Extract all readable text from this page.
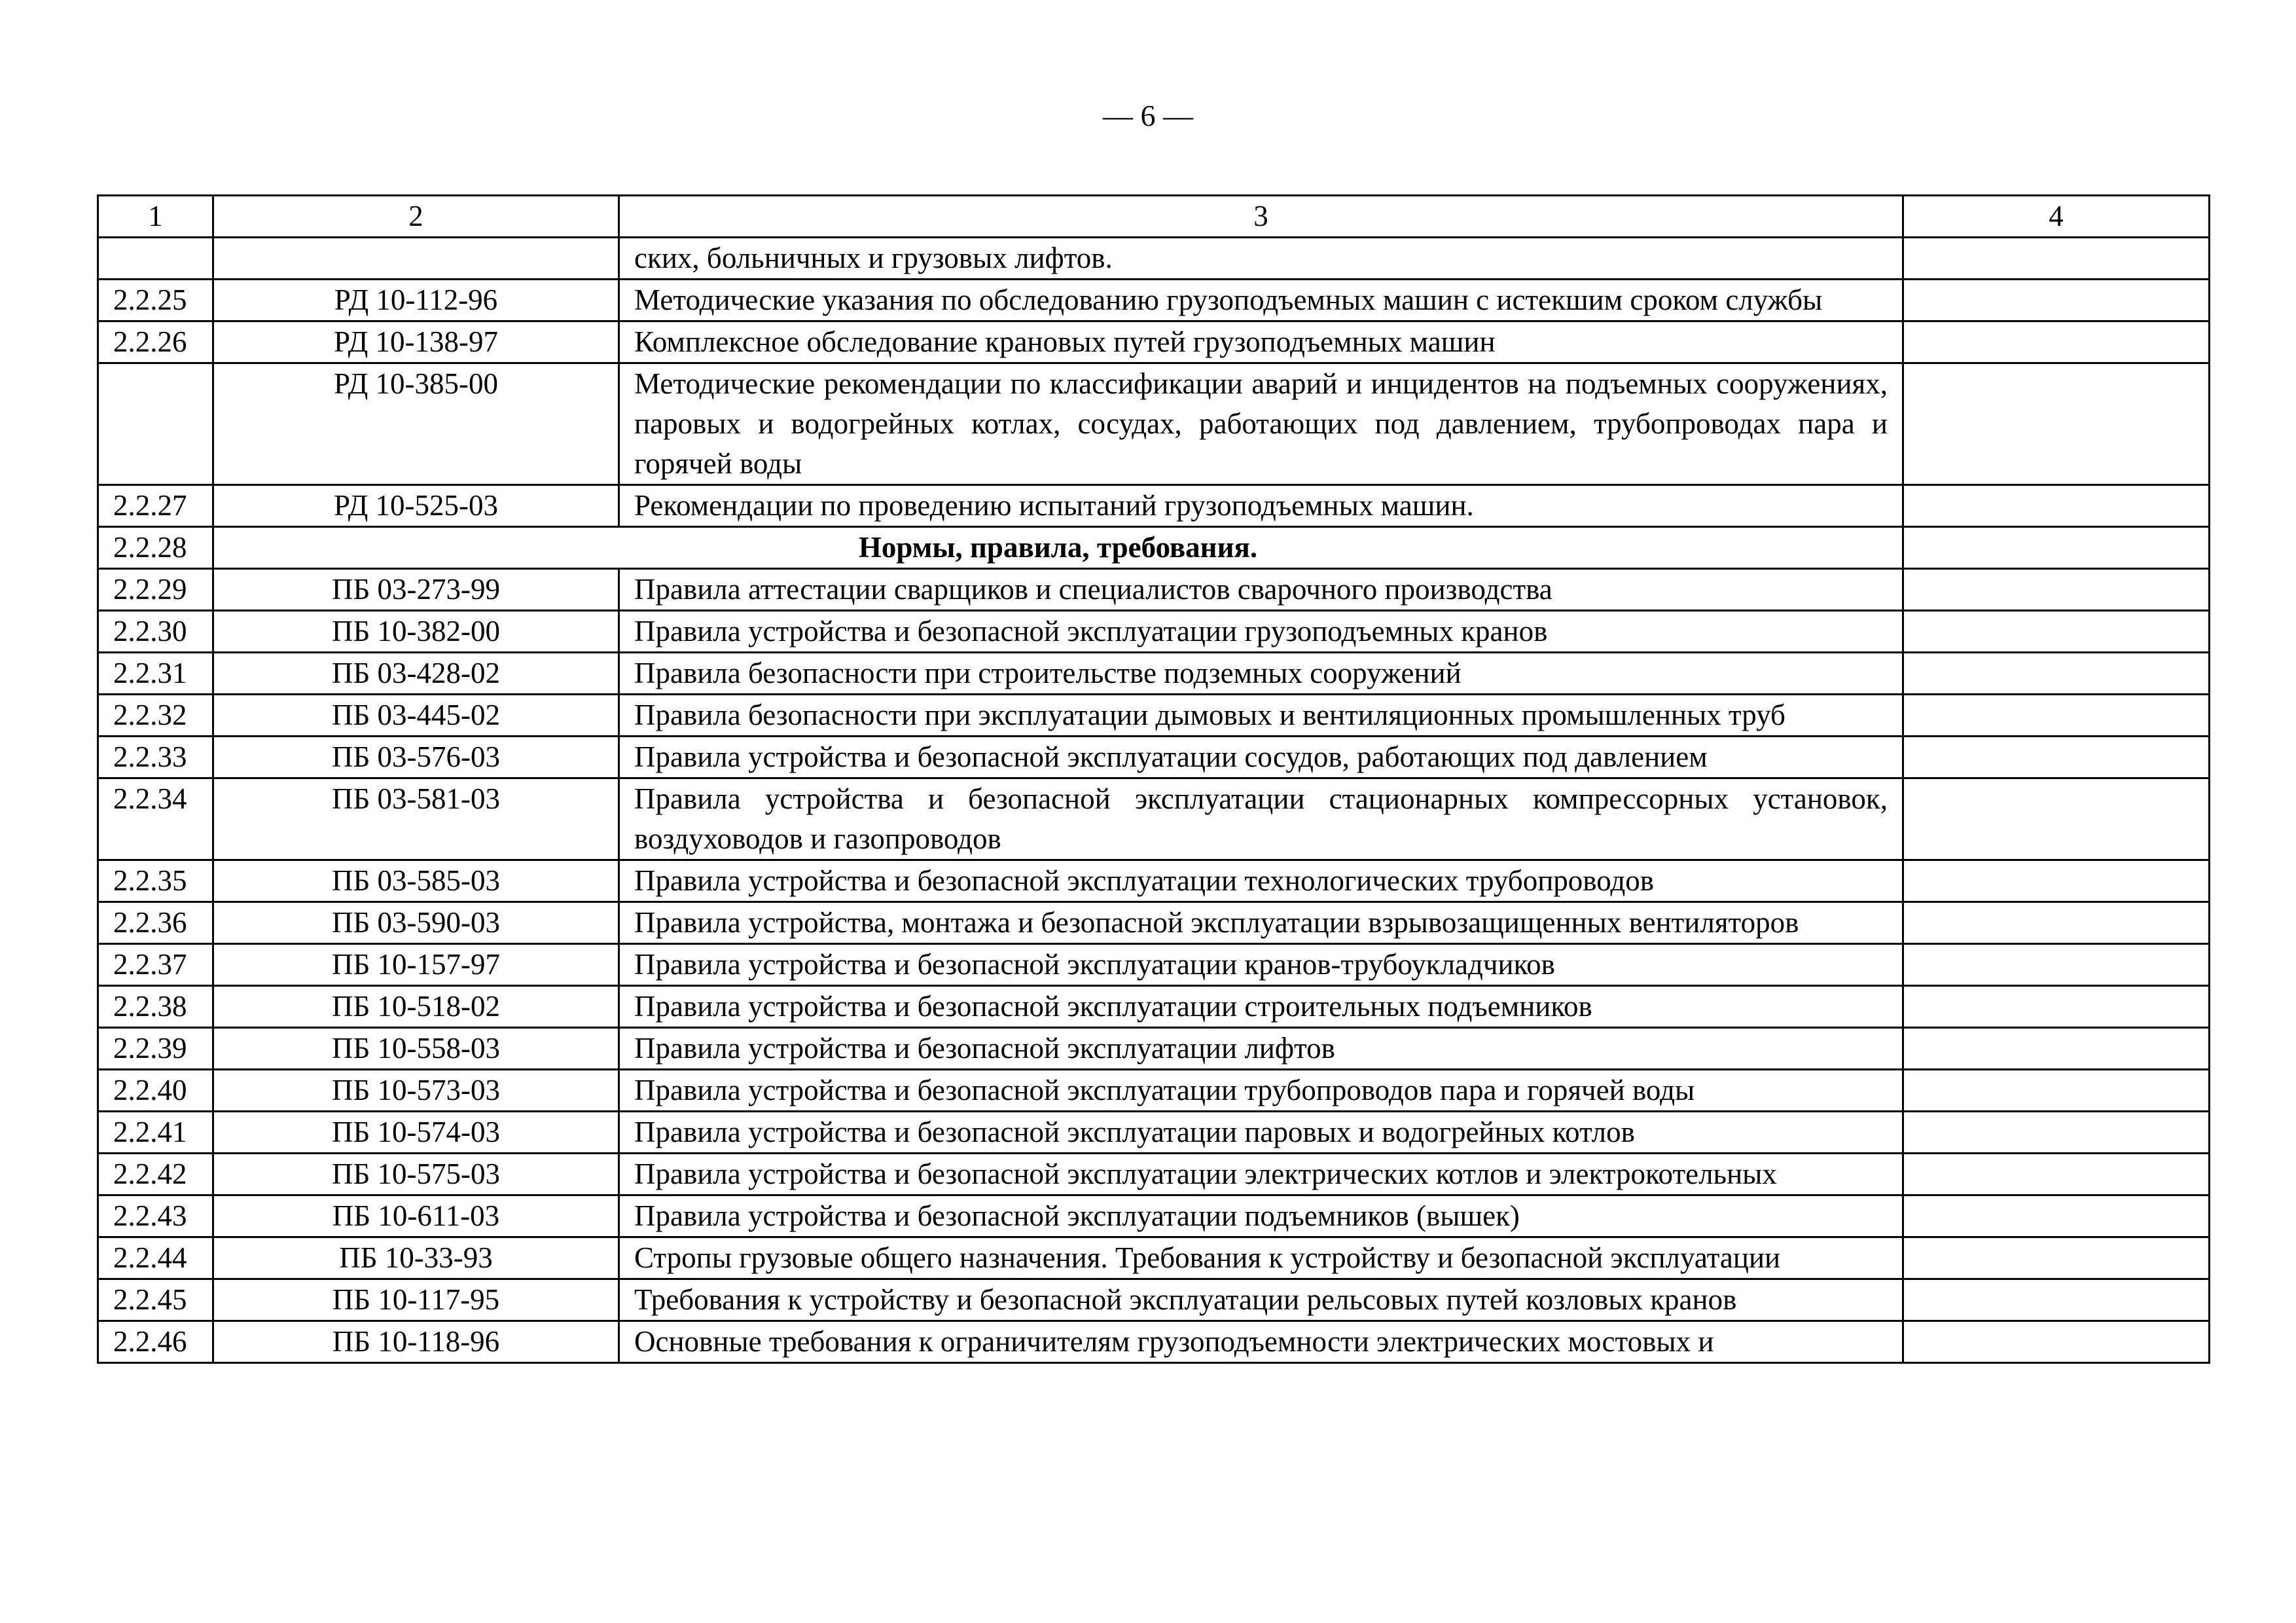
— 6 —
1	2	3	4
		ских, больничных и грузовых лифтов.	
2.2.25	РД 10-112-96	Методические указания по обследованию грузоподъемных машин с истекшим сроком службы	
2.2.26	РД 10-138-97	Комплексное обследование крановых путей грузоподъемных машин	
	РД 10-385-00	Методические рекомендации по классификации аварий и инцидентов на подъемных сооружениях, паровых и водогрейных котлах, сосудах, работающих под давлением, трубопроводах пара и горячей воды	
2.2.27	РД 10-525-03	Рекомендации по проведению испытаний грузоподъемных машин.	
2.2.28	Нормы, правила, требования.		
2.2.29	ПБ 03-273-99	Правила аттестации сварщиков и специалистов сварочного производства	
2.2.30	ПБ 10-382-00	Правила устройства и безопасной эксплуатации грузоподъемных кранов	
2.2.31	ПБ 03-428-02	Правила безопасности при строительстве подземных сооружений	
2.2.32	ПБ 03-445-02	Правила безопасности при эксплуатации дымовых и вентиляционных промышленных труб	
2.2.33	ПБ 03-576-03	Правила устройства и безопасной эксплуатации сосудов, работающих под давлением	
2.2.34	ПБ 03-581-03	Правила устройства и безопасной эксплуатации стационарных компрессорных установок, воздуховодов и газопроводов	
2.2.35	ПБ 03-585-03	Правила устройства и безопасной эксплуатации технологических трубопроводов	
2.2.36	ПБ 03-590-03	Правила устройства, монтажа и безопасной эксплуатации взрывозащищенных вентиляторов	
2.2.37	ПБ 10-157-97	Правила устройства и безопасной эксплуатации кранов-трубоукладчиков	
2.2.38	ПБ 10-518-02	Правила устройства и безопасной эксплуатации строительных подъемников	
2.2.39	ПБ 10-558-03	Правила устройства и безопасной эксплуатации лифтов	
2.2.40	ПБ 10-573-03	Правила устройства и безопасной эксплуатации трубопроводов пара и горячей воды	
2.2.41	ПБ 10-574-03	Правила устройства и безопасной эксплуатации паровых и водогрейных котлов	
2.2.42	ПБ 10-575-03	Правила устройства и безопасной эксплуатации электрических котлов и электрокотельных	
2.2.43	ПБ 10-611-03	Правила устройства и безопасной эксплуатации подъемников (вышек)	
2.2.44	ПБ 10-33-93	Стропы грузовые общего назначения. Требования к устройству и безопасной эксплуатации	
2.2.45	ПБ 10-117-95	Требования к устройству и безопасной эксплуатации рельсовых путей козловых кранов	
2.2.46	ПБ 10-118-96	Основные требования к ограничителям грузоподъемности электрических мостовых и	
